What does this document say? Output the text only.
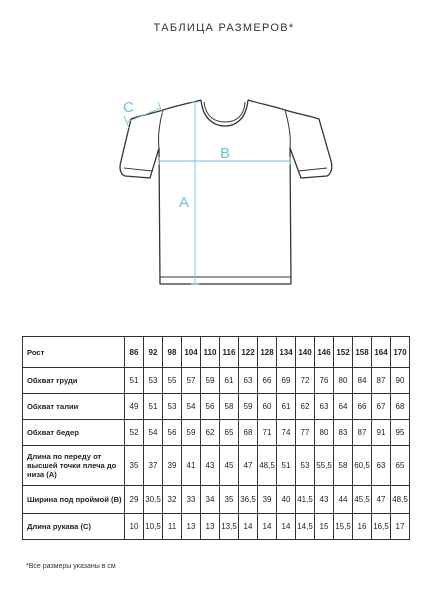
ТАБЛИЦА РАЗМЕРОВ*
C
B
A
Рост	86	92	98	104	110	116	122	128	134	140	146	152	158	164	170
Обхват груди	51	53	55	57	59	61	63	66	69	72	76	80	84	87	90
Обхват талии	49	51	53	54	56	58	59	60	61	62	63	64	66	67	68
Обхват бедер	52	54	56	59	62	65	68	71	74	77	80	83	87	91	95
Длина по переду от высшей точки плеча до низа (А)	35	37	39	41	43	45	47	48,5	51	53	55,5	58	60,5	63	65
Ширина под проймой (В)	29	30,5	32	33	34	35	36,5	39	40	41,5	43	44	45,5	47	48,5
Длина рукава (С)	10	10,5	11	13	13	13,5	14	14	14	14,5	15	15,5	16	16,5	17
*Все размеры указаны в см
